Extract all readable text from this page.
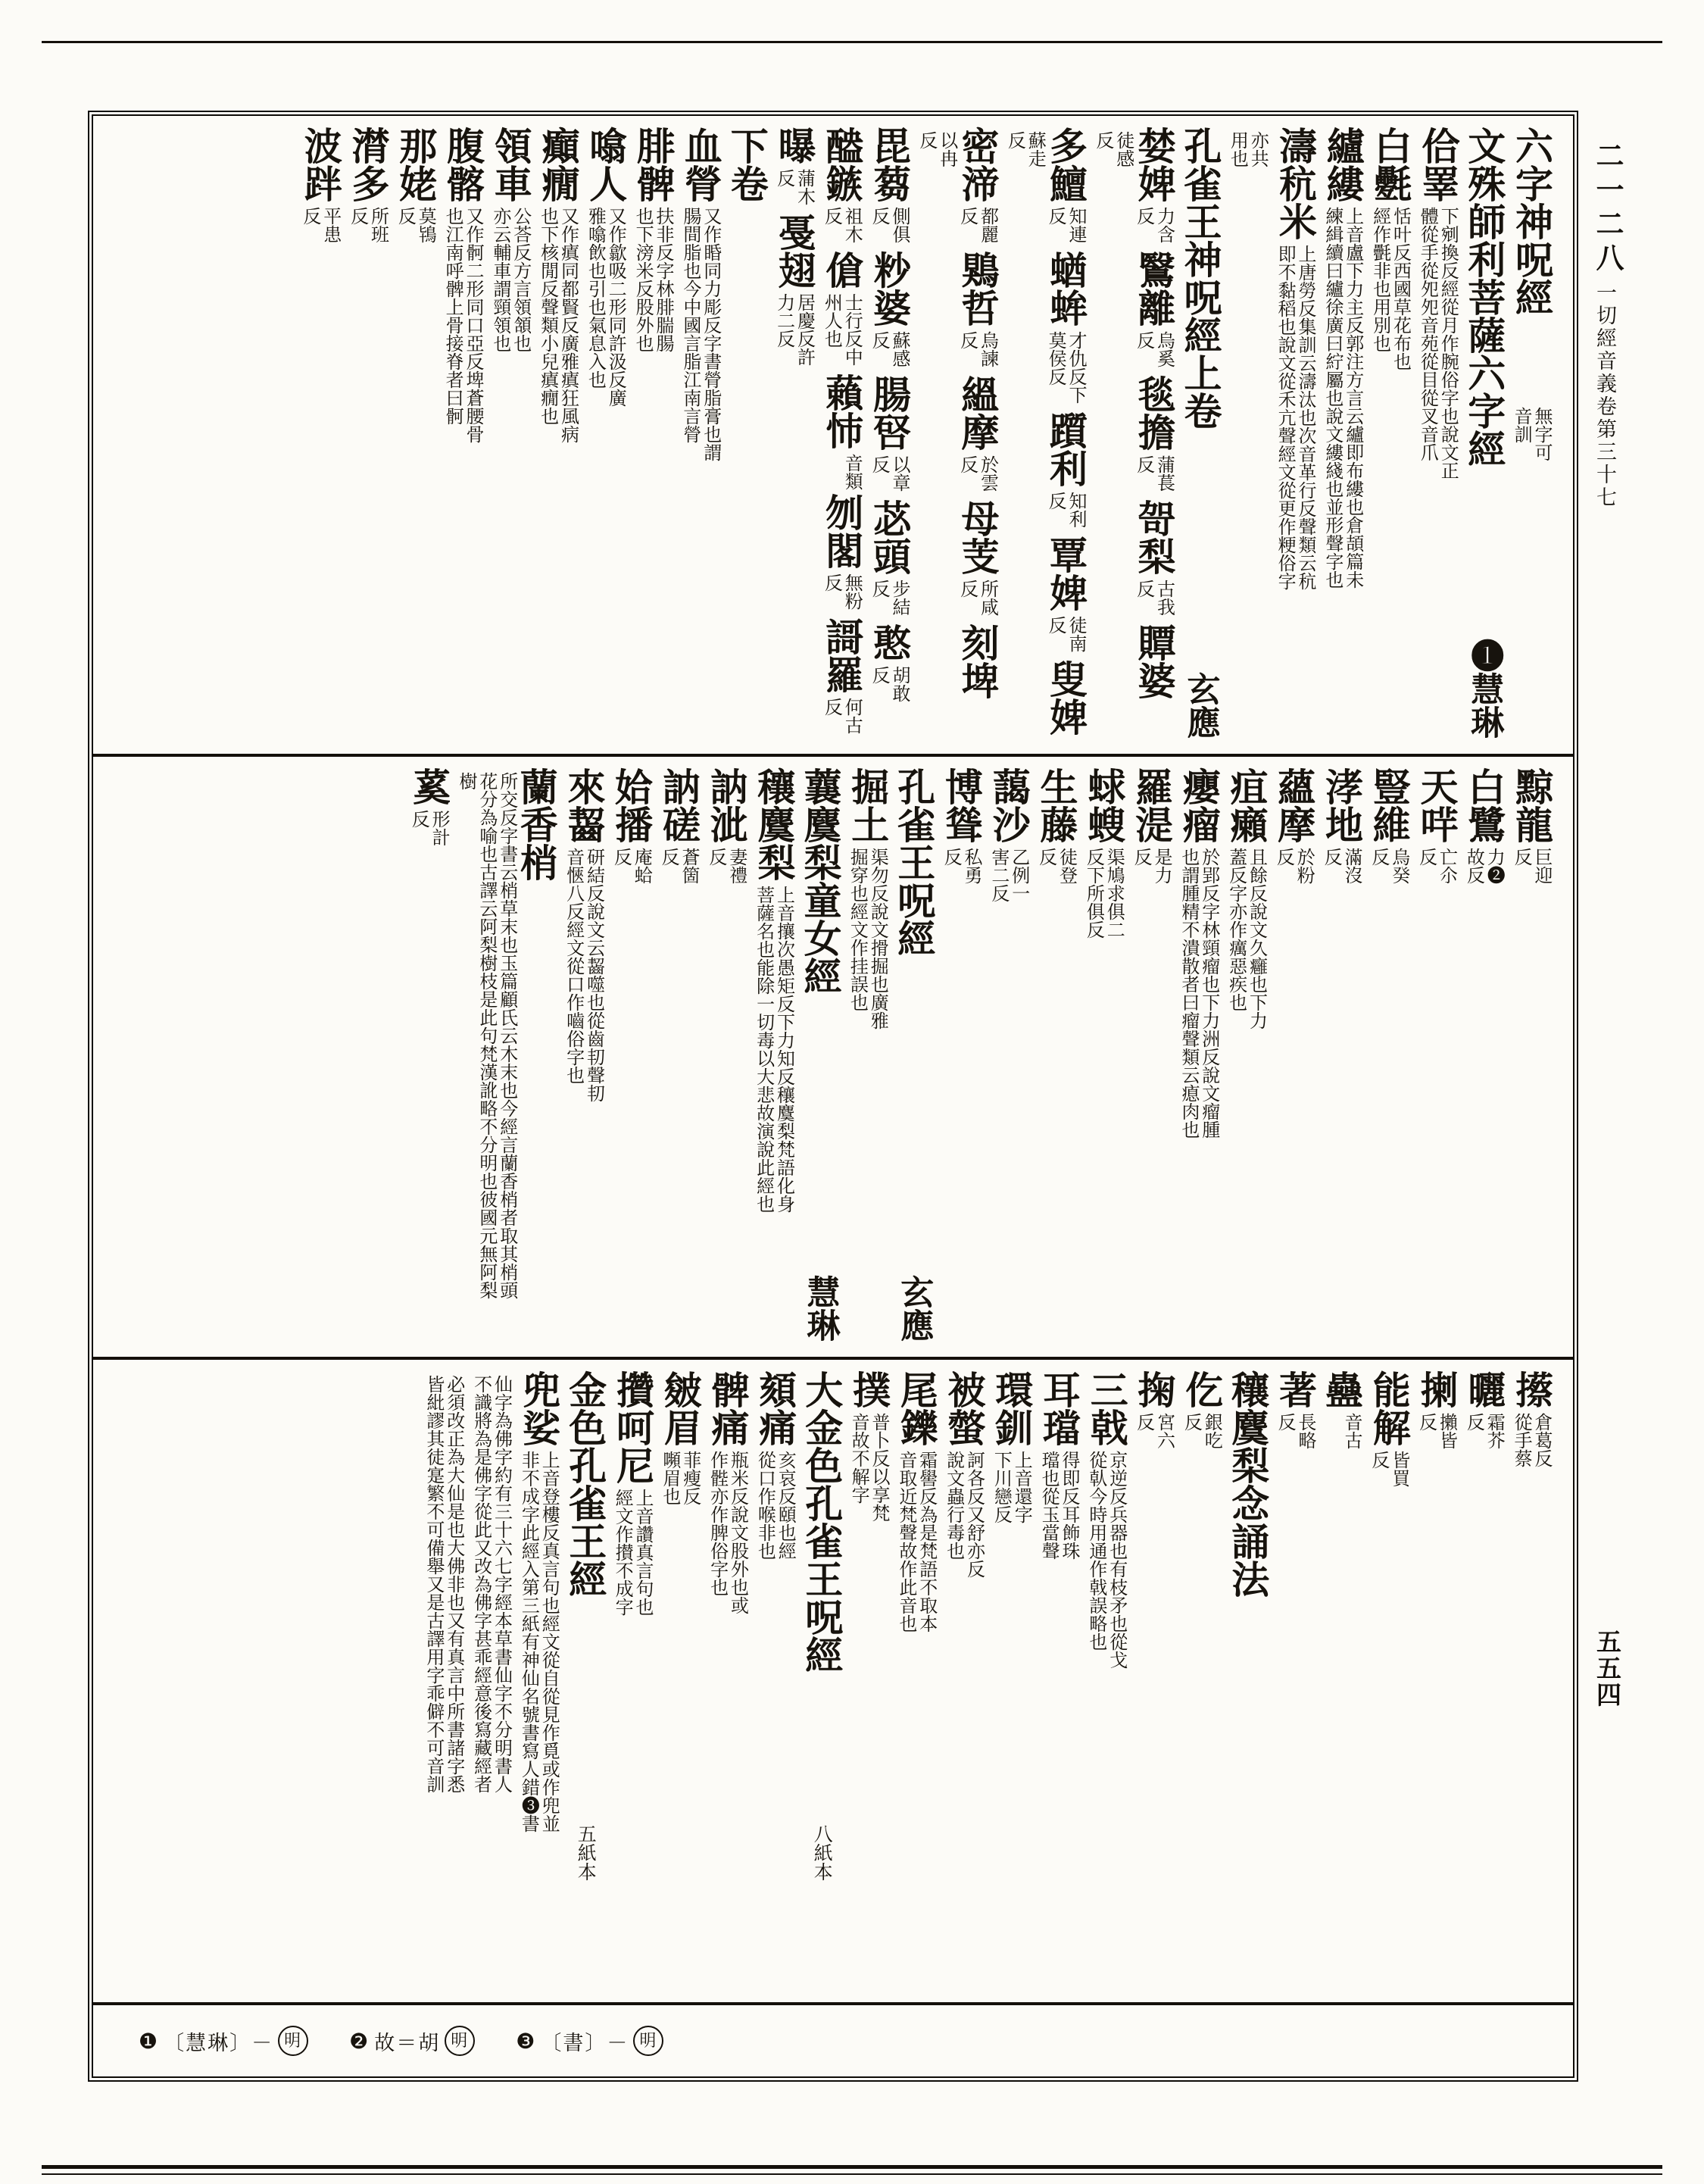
六字神呪經無字可音訓
文殊師利菩薩六字經
❶慧琳
佮睪下剜換反經從月作腕俗字也說文正體從手從夗夗音苑從目從叉音爪
白氎恬叶反西國草花布也經作㲲非也用別也
纑縷上音盧下力主反郭注方言云纑即布縷也倉頡篇未練緝續曰纑徐廣曰紵屬也說文縷綫也並形聲字也
濤秔米上唐勞反集訓云濤汰也次音革行反聲類云秔即不黏稻也說文從禾亢聲經文從更作粳俗字
亦共用也
孔雀王神呪經上卷
玄應
婪婢力含反鷖離烏奚反毯擔蒲萇反哿梨古我反贉婆徒感反
多鱣知連反蝤蛑才仇反下莫侯反躓利知利反覃婢徒南反叟婢蘇走反
密渧都麗反鶪哲烏諫反縕摩於雲反母芰所咸反刻埤以冉反
毘蒭側俱反粆婆蘇感反腸唘以章反苾頭步結反憨胡敢反
醠鏃祖木反傖士行反中州人也藾㤄音類刎閣無粉反謌羅何古反
曝蒲木反戞翅居慶反許力二反
下卷
血膋又作睧同力彫反字書膋脂膏也謂腸間脂也今中國言脂江南言膋
腓髀扶非反字林腓腨腸也下滂米反股外也
噏人又作歙吸二形同許汲反廣雅噏飲也引也氣息入也
癲癇又作瘨同都賢反廣雅瘨狂風病也下核閒反聲類小兒瘨癇也
領車公荅反方言領頷也亦云輔車謂頸領也
腹髂又作䯊二形同口亞反埤蒼腰骨也江南呼髀上骨接脊者曰䯊
那姥莫鴇反
潸多所班反
波跘平患反
黥龍巨迎反
白鷺力❷故反
天哶亡尒反
豎維烏癸反
涍地滿沒反
蘊摩於粉反
疽癩且餘反說文久癰也下力蓋反字亦作癘惡疾也
癭瘤於郢反字林頸瘤也下力洲反說文瘤腫也謂腫精不潰散者曰瘤聲類云瘜肉也
羅湜是力反
蛷螋渠鳩求俱二反下所俱反
生藤徒登反
藹沙乙例一害二反
博聳私勇反
孔雀王呪經
玄應
掘土渠勿反說文搰掘也廣雅掘穿也經文作挂誤也
蘘麌梨童女經
慧琳
穰麌梨上音攘次愚矩反下力知反穰麌梨梵語化身菩薩名也能除一切毒以大悲故演說此經也
訥泚妻禮反
訥磋蒼箇反
姶播庵蛤反
來齧研結反說文云齧噬也從齒㓞聲㓞音愜八反經文從口作嚙俗字也
蘭香梢所交反字書云梢草末也玉篇顧氏云木末也今經言蘭香梢者取其梢頭花分為喻也古譯云阿梨樹枝是此句梵漢訛略不分明也彼國元無阿梨樹
蒵形計反
攃倉葛反從手蔡
曬霜芥反
揦攋皆反
能解皆買反
蠱音古
著長略反
穰麌梨念誦法
仡銀吃反
掬宮六反
三戟京逆反兵器也有枝矛也從戈從倝今時用通作戟誤略也
耳璫得即反耳飾珠璫也從玉當聲
環釧上音還字下川戀反
被螫訶各反又舒亦反說文蟲行毒也
尾鑠霜嚳反為是梵語不取本音取近梵聲故作此音也
撲普卜反以享梵音故不解字
大金色孔雀王呪經
八紙本
頦痛亥哀反頤也經從口作喉非也
髀痛瓶米反說文股外也或作䯗亦作脾俗字也
皴眉菲瘦反嚬眉也
攢呵尼上音讚真言句也經文作攅不成字
金色孔雀王經
五紙本
兜娑上音登樓反真言句也經文從自從見作覓或作兜並非不成字此經入第三紙有神仙名號書寫人錯❸書
仙字為佛字約有三十六七字經本草書仙字不分明書人不識將為是佛字從此又改為佛字甚乖經意後寫藏經者
必須改正為大仙是也大佛非也又有真言中所書諸字悉皆紕謬其徒寔繁不可備舉又是古譯用字乖僻不可音訓
❶ 〔慧琳〕－ 明 ❷ 故＝胡 明 ❸ 〔書〕－ 明
二一二八
一切經音義卷第三十七
五五四
